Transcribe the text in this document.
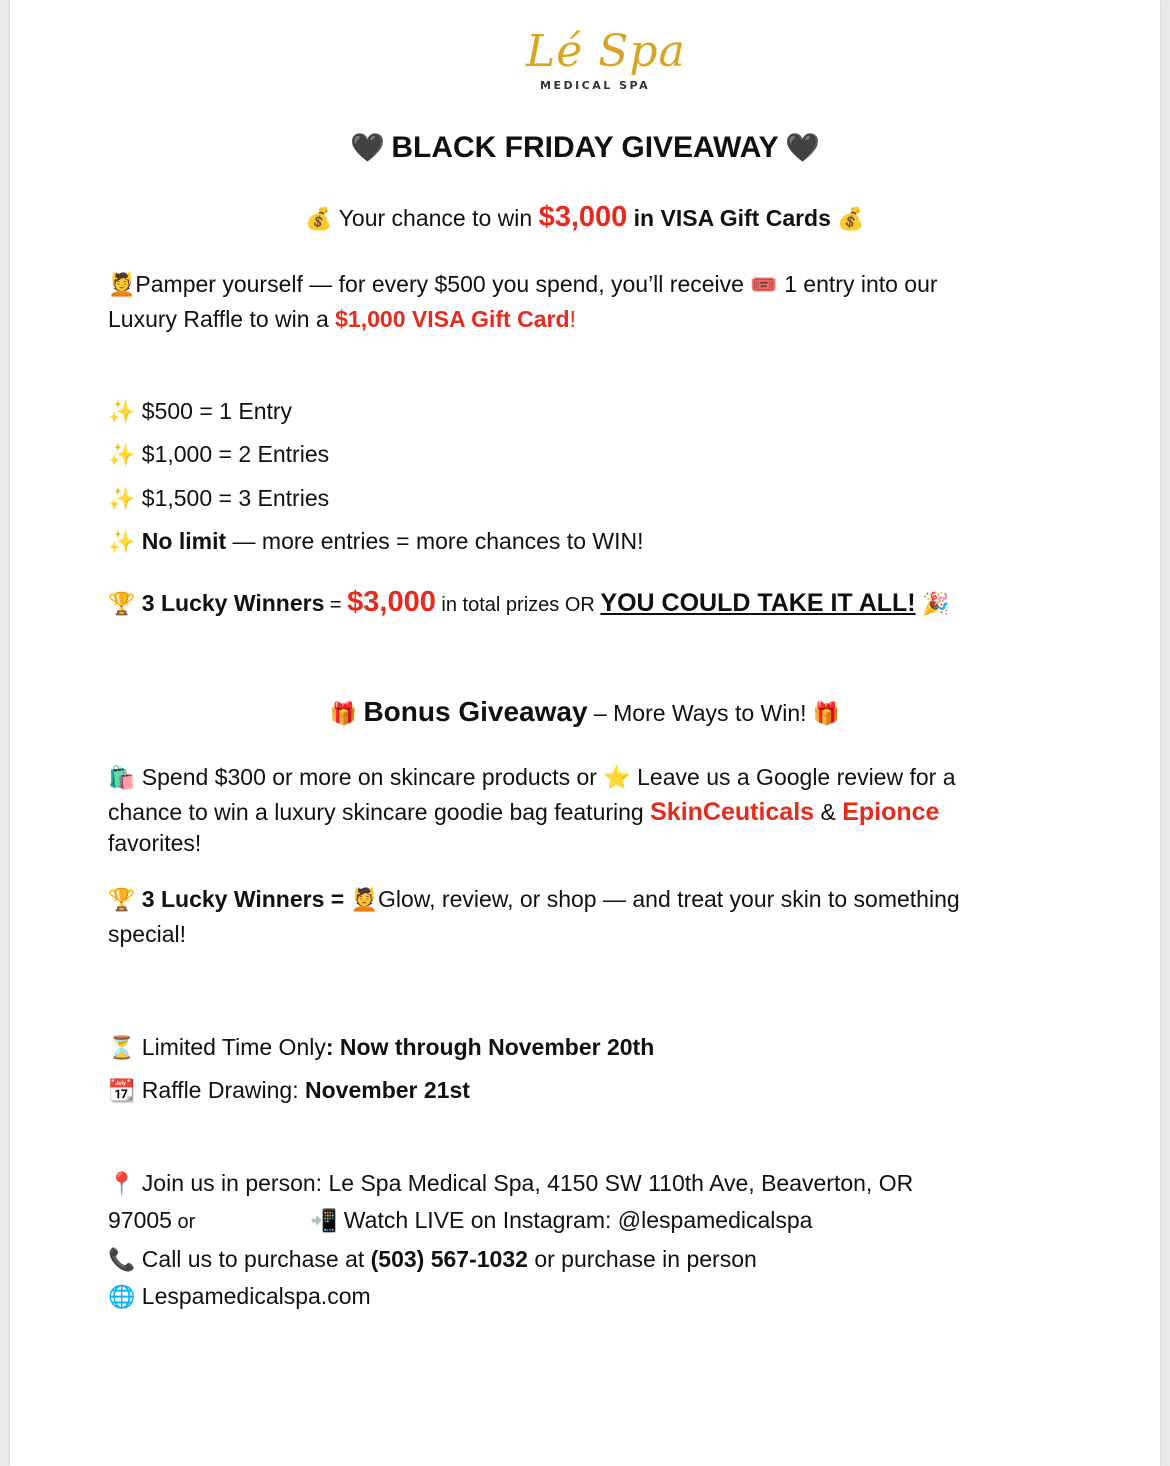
Lé Spa
MEDICAL SPA
🖤 BLACK FRIDAY GIVEAWAY 🖤
💰 Your chance to win $3,000 in VISA Gift Cards 💰
💆Pamper yourself — for every $500 you spend, you’ll receive 🎟️ 1 entry into our
Luxury Raffle to win a $1,000 VISA Gift Card!
✨ $500 = 1 Entry
✨ $1,000 = 2 Entries
✨ $1,500 = 3 Entries
✨ No limit — more entries = more chances to WIN!
🏆 3 Lucky Winners = $3,000 in total prizes OR YOU COULD TAKE IT ALL! 🎉
🎁 Bonus Giveaway – More Ways to Win! 🎁
🛍️ Spend $300 or more on skincare products or ⭐ Leave us a Google review for a
chance to win a luxury skincare goodie bag featuring SkinCeuticals & Epionce
favorites!
🏆 3 Lucky Winners = 💆Glow, review, or shop — and treat your skin to something
special!
⏳ Limited Time Only: Now through November 20th
📆 Raffle Drawing: November 21st
📍 Join us in person: Le Spa Medical Spa, 4150 SW 110th Ave, Beaverton, OR
97005 or	📲 Watch LIVE on Instagram: @lespamedicalspa
📞 Call us to purchase at (503) 567-1032 or purchase in person
🌐 Lespamedicalspa.com
